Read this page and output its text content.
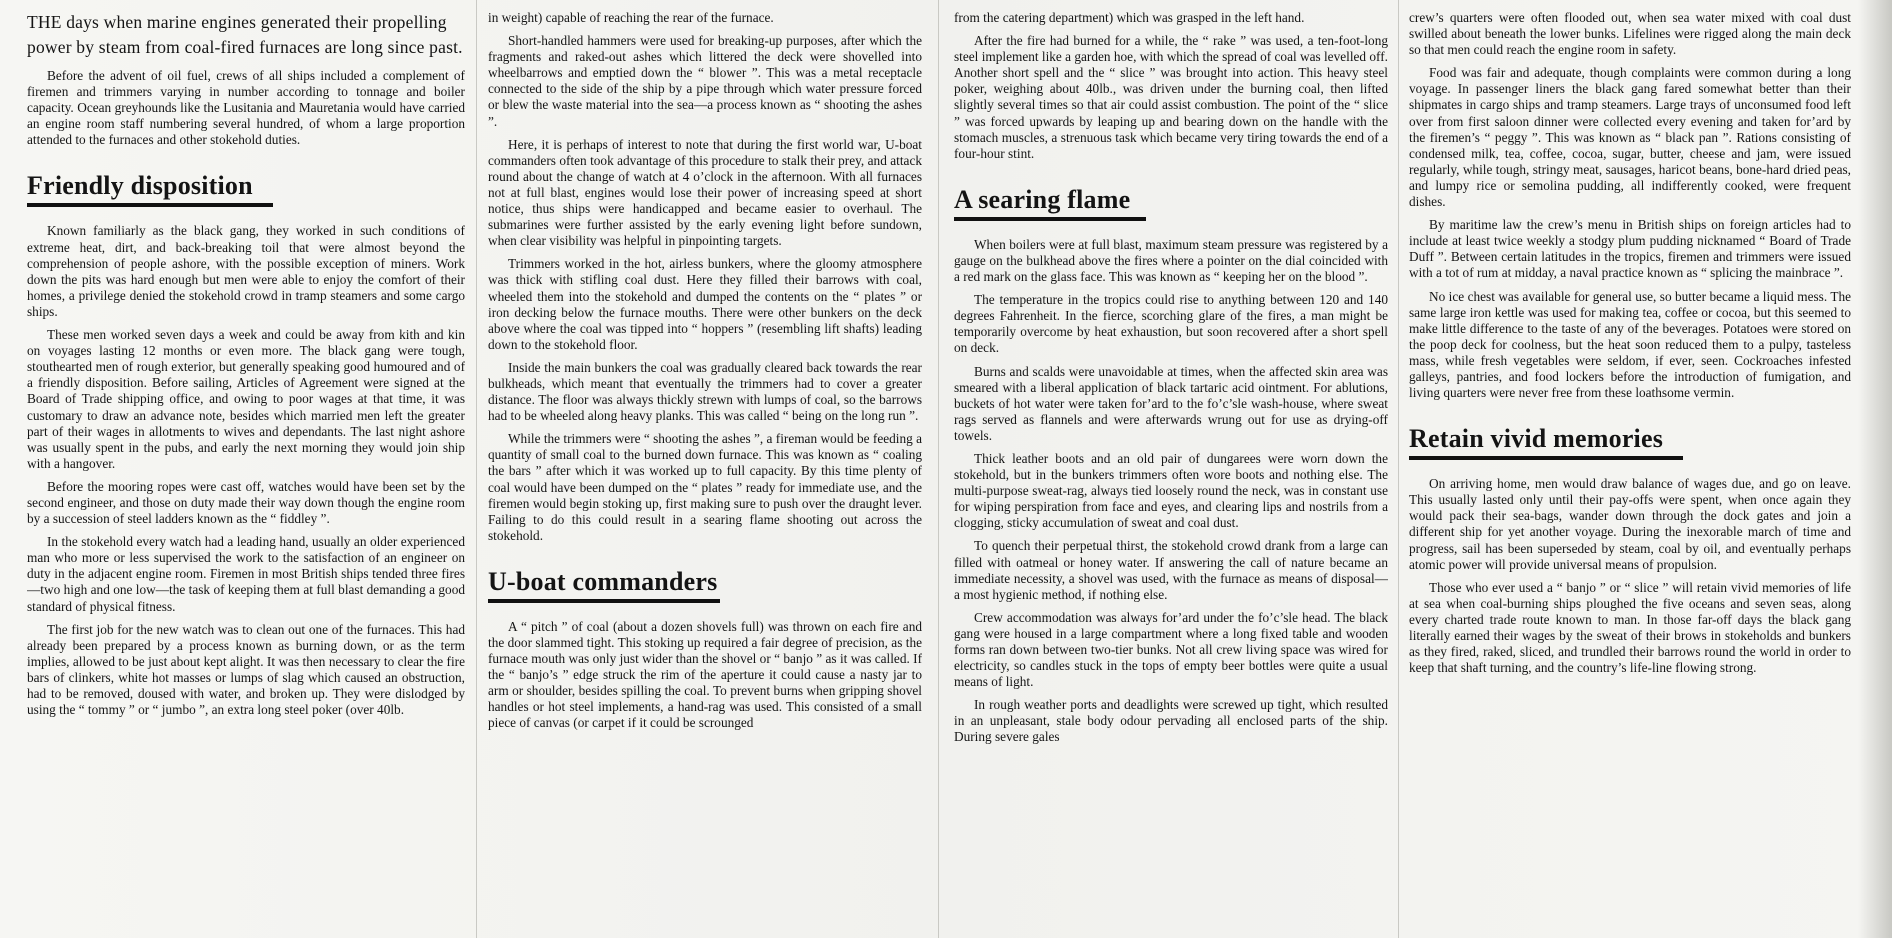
THE days when marine engines generated their propelling power by steam from coal-fired furnaces are long since past.

Before the advent of oil fuel, crews of all ships included a complement of firemen and trimmers varying in number according to tonnage and boiler capacity. Ocean greyhounds like the Lusitania and Mauretania would have carried an engine room staff numbering several hundred, of whom a large proportion attended to the furnaces and other stokehold duties.

Friendly disposition

Known familiarly as the black gang, they worked in such conditions of extreme heat, dirt, and back-breaking toil that were almost beyond the comprehension of people ashore, with the possible exception of miners. Work down the pits was hard enough but men were able to enjoy the comfort of their homes, a privilege denied the stokehold crowd in tramp steamers and some cargo ships.

These men worked seven days a week and could be away from kith and kin on voyages lasting 12 months or even more. The black gang were tough, stouthearted men of rough exterior, but generally speaking good humoured and of a friendly disposition. Before sailing, Articles of Agreement were signed at the Board of Trade shipping office, and owing to poor wages at that time, it was customary to draw an advance note, besides which married men left the greater part of their wages in allotments to wives and dependants. The last night ashore was usually spent in the pubs, and early the next morning they would join ship with a hangover.

Before the mooring ropes were cast off, watches would have been set by the second engineer, and those on duty made their way down though the engine room by a succession of steel ladders known as the “ fiddley ”.

In the stokehold every watch had a leading hand, usually an older experienced man who more or less supervised the work to the satisfaction of an engineer on duty in the adjacent engine room. Firemen in most British ships tended three fires—two high and one low—the task of keeping them at full blast demanding a good standard of physical fitness.

The first job for the new watch was to clean out one of the furnaces. This had already been prepared by a process known as burning down, or as the term implies, allowed to be just about kept alight. It was then necessary to clear the fire bars of clinkers, white hot masses or lumps of slag which caused an obstruction, had to be removed, doused with water, and broken up. They were dislodged by using the “ tommy ” or “ jumbo ”, an extra long steel poker (over 40lb.

in weight) capable of reaching the rear of the furnace.

Short-handled hammers were used for breaking-up purposes, after which the fragments and raked-out ashes which littered the deck were shovelled into wheelbarrows and emptied down the “ blower ”. This was a metal receptacle connected to the side of the ship by a pipe through which water pressure forced or blew the waste material into the sea—a process known as “ shooting the ashes ”.

Here, it is perhaps of interest to note that during the first world war, U-boat commanders often took advantage of this procedure to stalk their prey, and attack round about the change of watch at 4 o’clock in the afternoon. With all furnaces not at full blast, engines would lose their power of increasing speed at short notice, thus ships were handicapped and became easier to overhaul. The submarines were further assisted by the early evening light before sundown, when clear visibility was helpful in pinpointing targets.

Trimmers worked in the hot, airless bunkers, where the gloomy atmosphere was thick with stifling coal dust. Here they filled their barrows with coal, wheeled them into the stokehold and dumped the contents on the “ plates ” or iron decking below the furnace mouths. There were other bunkers on the deck above where the coal was tipped into “ hoppers ” (resembling lift shafts) leading down to the stokehold floor.

Inside the main bunkers the coal was gradually cleared back towards the rear bulkheads, which meant that eventually the trimmers had to cover a greater distance. The floor was always thickly strewn with lumps of coal, so the barrows had to be wheeled along heavy planks. This was called “ being on the long run ”.

While the trimmers were “ shooting the ashes ”, a fireman would be feeding a quantity of small coal to the burned down furnace. This was known as “ coaling the bars ” after which it was worked up to full capacity. By this time plenty of coal would have been dumped on the “ plates ” ready for immediate use, and the firemen would begin stoking up, first making sure to push over the draught lever. Failing to do this could result in a searing flame shooting out across the stokehold.

U-boat commanders

A “ pitch ” of coal (about a dozen shovels full) was thrown on each fire and the door slammed tight. This stoking up required a fair degree of precision, as the furnace mouth was only just wider than the shovel or “ banjo ” as it was called. If the “ banjo’s ” edge struck the rim of the aperture it could cause a nasty jar to arm or shoulder, besides spilling the coal. To prevent burns when gripping shovel handles or hot steel implements, a hand-rag was used. This consisted of a small piece of canvas (or carpet if it could be scrounged

from the catering department) which was grasped in the left hand.

After the fire had burned for a while, the “ rake ” was used, a ten-foot-long steel implement like a garden hoe, with which the spread of coal was levelled off. Another short spell and the “ slice ” was brought into action. This heavy steel poker, weighing about 40lb., was driven under the burning coal, then lifted slightly several times so that air could assist combustion. The point of the “ slice ” was forced upwards by leaping up and bearing down on the handle with the stomach muscles, a strenuous task which became very tiring towards the end of a four-hour stint.

A searing flame

When boilers were at full blast, maximum steam pressure was registered by a gauge on the bulkhead above the fires where a pointer on the dial coincided with a red mark on the glass face. This was known as “ keeping her on the blood ”.

The temperature in the tropics could rise to anything between 120 and 140 degrees Fahrenheit. In the fierce, scorching glare of the fires, a man might be temporarily overcome by heat exhaustion, but soon recovered after a short spell on deck.

Burns and scalds were unavoidable at times, when the affected skin area was smeared with a liberal application of black tartaric acid ointment. For ablutions, buckets of hot water were taken for’ard to the fo’c’sle wash-house, where sweat rags served as flannels and were afterwards wrung out for use as drying-off towels.

Thick leather boots and an old pair of dungarees were worn down the stokehold, but in the bunkers trimmers often wore boots and nothing else. The multi-purpose sweat-rag, always tied loosely round the neck, was in constant use for wiping perspiration from face and eyes, and clearing lips and nostrils from a clogging, sticky accumulation of sweat and coal dust.

To quench their perpetual thirst, the stokehold crowd drank from a large can filled with oatmeal or honey water. If answering the call of nature became an immediate necessity, a shovel was used, with the furnace as means of disposal—a most hygienic method, if nothing else.

Crew accommodation was always for’ard under the fo’c’sle head. The black gang were housed in a large compartment where a long fixed table and wooden forms ran down between two-tier bunks. Not all crew living space was wired for electricity, so candles stuck in the tops of empty beer bottles were quite a usual means of light.

In rough weather ports and deadlights were screwed up tight, which resulted in an unpleasant, stale body odour pervading all enclosed parts of the ship. During severe gales

crew’s quarters were often flooded out, when sea water mixed with coal dust swilled about beneath the lower bunks. Lifelines were rigged along the main deck so that men could reach the engine room in safety.

Food was fair and adequate, though complaints were common during a long voyage. In passenger liners the black gang fared somewhat better than their shipmates in cargo ships and tramp steamers. Large trays of unconsumed food left over from first saloon dinner were collected every evening and taken for’ard by the firemen’s “ peggy ”. This was known as “ black pan ”. Rations consisting of condensed milk, tea, coffee, cocoa, sugar, butter, cheese and jam, were issued regularly, while tough, stringy meat, sausages, haricot beans, bone-hard dried peas, and lumpy rice or semolina pudding, all indifferently cooked, were frequent dishes.

By maritime law the crew’s menu in British ships on foreign articles had to include at least twice weekly a stodgy plum pudding nicknamed “ Board of Trade Duff ”. Between certain latitudes in the tropics, firemen and trimmers were issued with a tot of rum at midday, a naval practice known as “ splicing the mainbrace ”.

No ice chest was available for general use, so butter became a liquid mess. The same large iron kettle was used for making tea, coffee or cocoa, but this seemed to make little difference to the taste of any of the beverages. Potatoes were stored on the poop deck for coolness, but the heat soon reduced them to a pulpy, tasteless mass, while fresh vegetables were seldom, if ever, seen. Cockroaches infested galleys, pantries, and food lockers before the introduction of fumigation, and living quarters were never free from these loathsome vermin.

Retain vivid memories

On arriving home, men would draw balance of wages due, and go on leave. This usually lasted only until their pay-offs were spent, when once again they would pack their sea-bags, wander down through the dock gates and join a different ship for yet another voyage. During the inexorable march of time and progress, sail has been superseded by steam, coal by oil, and eventually perhaps atomic power will provide universal means of propulsion.

Those who ever used a “ banjo ” or “ slice ” will retain vivid memories of life at sea when coal-burning ships ploughed the five oceans and seven seas, along every charted trade route known to man. In those far-off days the black gang literally earned their wages by the sweat of their brows in stokeholds and bunkers as they fired, raked, sliced, and trundled their barrows round the world in order to keep that shaft turning, and the country’s life-line flowing strong.
